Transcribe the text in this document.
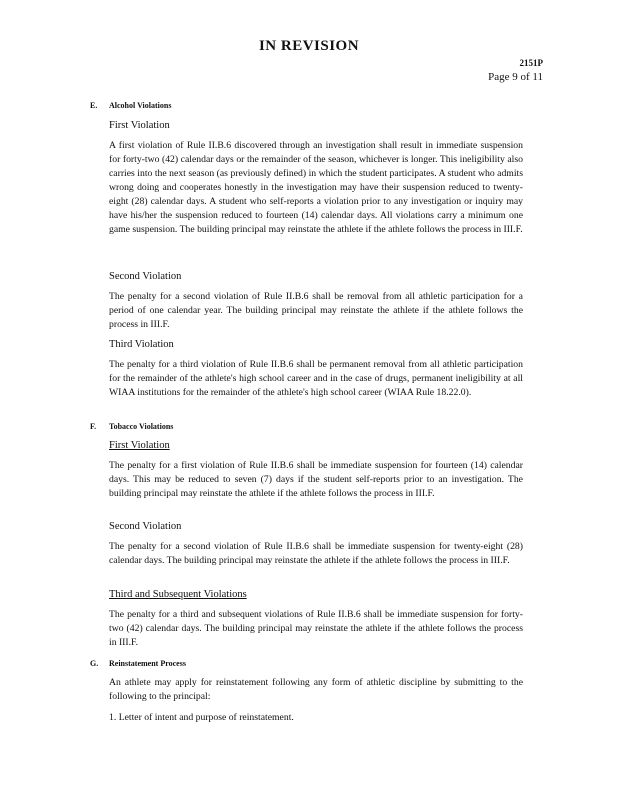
IN REVISION
2151P
Page 9 of 11
E. Alcohol Violations
First Violation
A first violation of Rule II.B.6 discovered through an investigation shall result in immediate suspension for forty-two (42) calendar days or the remainder of the season, whichever is longer. This ineligibility also carries into the next season (as previously defined) in which the student participates. A student who admits wrong doing and cooperates honestly in the investigation may have their suspension reduced to twenty-eight (28) calendar days. A student who self-reports a violation prior to any investigation or inquiry may have his/her the suspension reduced to fourteen (14) calendar days. All violations carry a minimum one game suspension. The building principal may reinstate the athlete if the athlete follows the process in III.F.
Second Violation
The penalty for a second violation of Rule II.B.6 shall be removal from all athletic participation for a period of one calendar year. The building principal may reinstate the athlete if the athlete follows the process in III.F.
Third Violation
The penalty for a third violation of Rule II.B.6 shall be permanent removal from all athletic participation for the remainder of the athlete's high school career and in the case of drugs, permanent ineligibility at all WIAA institutions for the remainder of the athlete's high school career (WIAA Rule 18.22.0).
F. Tobacco Violations
First Violation
The penalty for a first violation of Rule II.B.6 shall be immediate suspension for fourteen (14) calendar days. This may be reduced to seven (7) days if the student self-reports prior to an investigation. The building principal may reinstate the athlete if the athlete follows the process in III.F.
Second Violation
The penalty for a second violation of Rule II.B.6 shall be immediate suspension for twenty-eight (28) calendar days. The building principal may reinstate the athlete if the athlete follows the process in III.F.
Third and Subsequent Violations
The penalty for a third and subsequent violations of Rule II.B.6 shall be immediate suspension for forty-two (42) calendar days. The building principal may reinstate the athlete if the athlete follows the process in III.F.
G. Reinstatement Process
An athlete may apply for reinstatement following any form of athletic discipline by submitting to the following to the principal:
1. Letter of intent and purpose of reinstatement.
